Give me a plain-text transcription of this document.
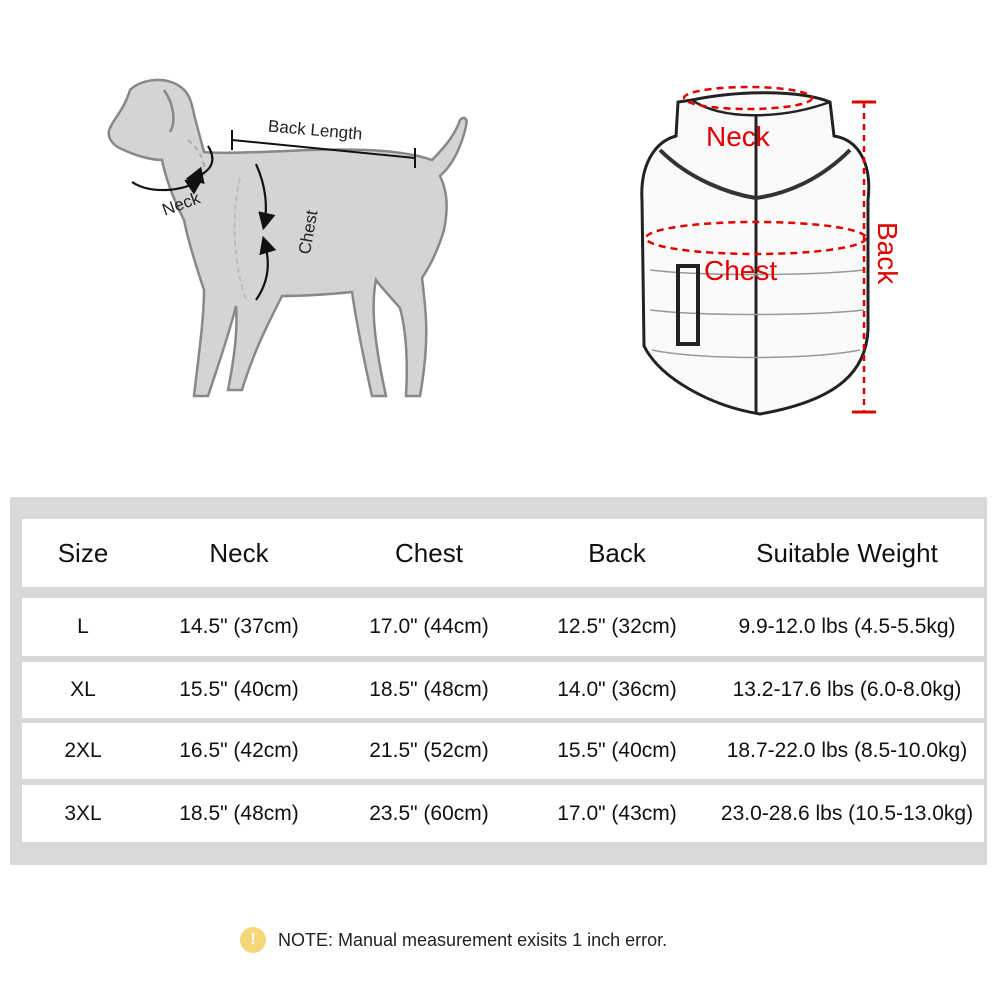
Back Length
Neck
Chest
Neck
Chest	Back
Size	Neck	Chest	Back	Suitable Weight
L	14.5" (37cm)	17.0" (44cm)	12.5" (32cm)	9.9-12.0 lbs (4.5-5.5kg)
XL	15.5" (40cm)	18.5" (48cm)	14.0" (36cm)	13.2-17.6 lbs (6.0-8.0kg)
2XL	16.5" (42cm)	21.5" (52cm)	15.5" (40cm)	18.7-22.0 lbs (8.5-10.0kg)
3XL	18.5" (48cm)	23.5" (60cm)	17.0" (43cm)	23.0-28.6 lbs (10.5-13.0kg)
!	NOTE: Manual measurement exisits 1 inch error.
